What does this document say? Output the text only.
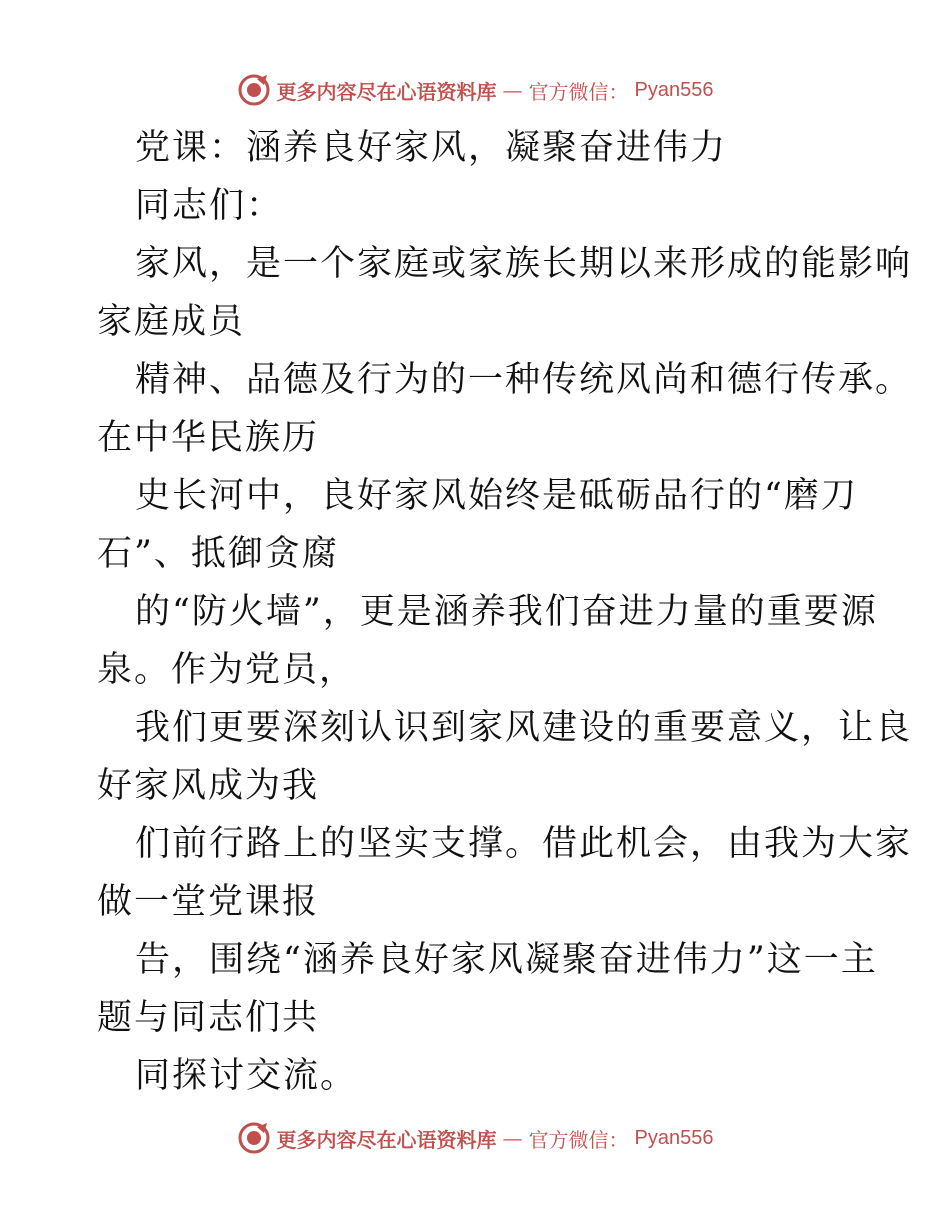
更多内容尽在心语资料库 — 官方微信： Pyan556
党课：涵养良好家风，凝聚奋进伟力
同志们：
家风，是一个家庭或家族长期以来形成的能影响
家庭成员
精神、品德及行为的一种传统风尚和德行传承。
在中华民族历
史长河中，良好家风始终是砥砺品行的“磨刀
石”、抵御贪腐
的“防火墙”，更是涵养我们奋进力量的重要源
泉。作为党员，
我们更要深刻认识到家风建设的重要意义，让良
好家风成为我
们前行路上的坚实支撑。借此机会，由我为大家
做一堂党课报
告，围绕“涵养良好家风凝聚奋进伟力”这一主
题与同志们共
同探讨交流。
更多内容尽在心语资料库 — 官方微信： Pyan556
